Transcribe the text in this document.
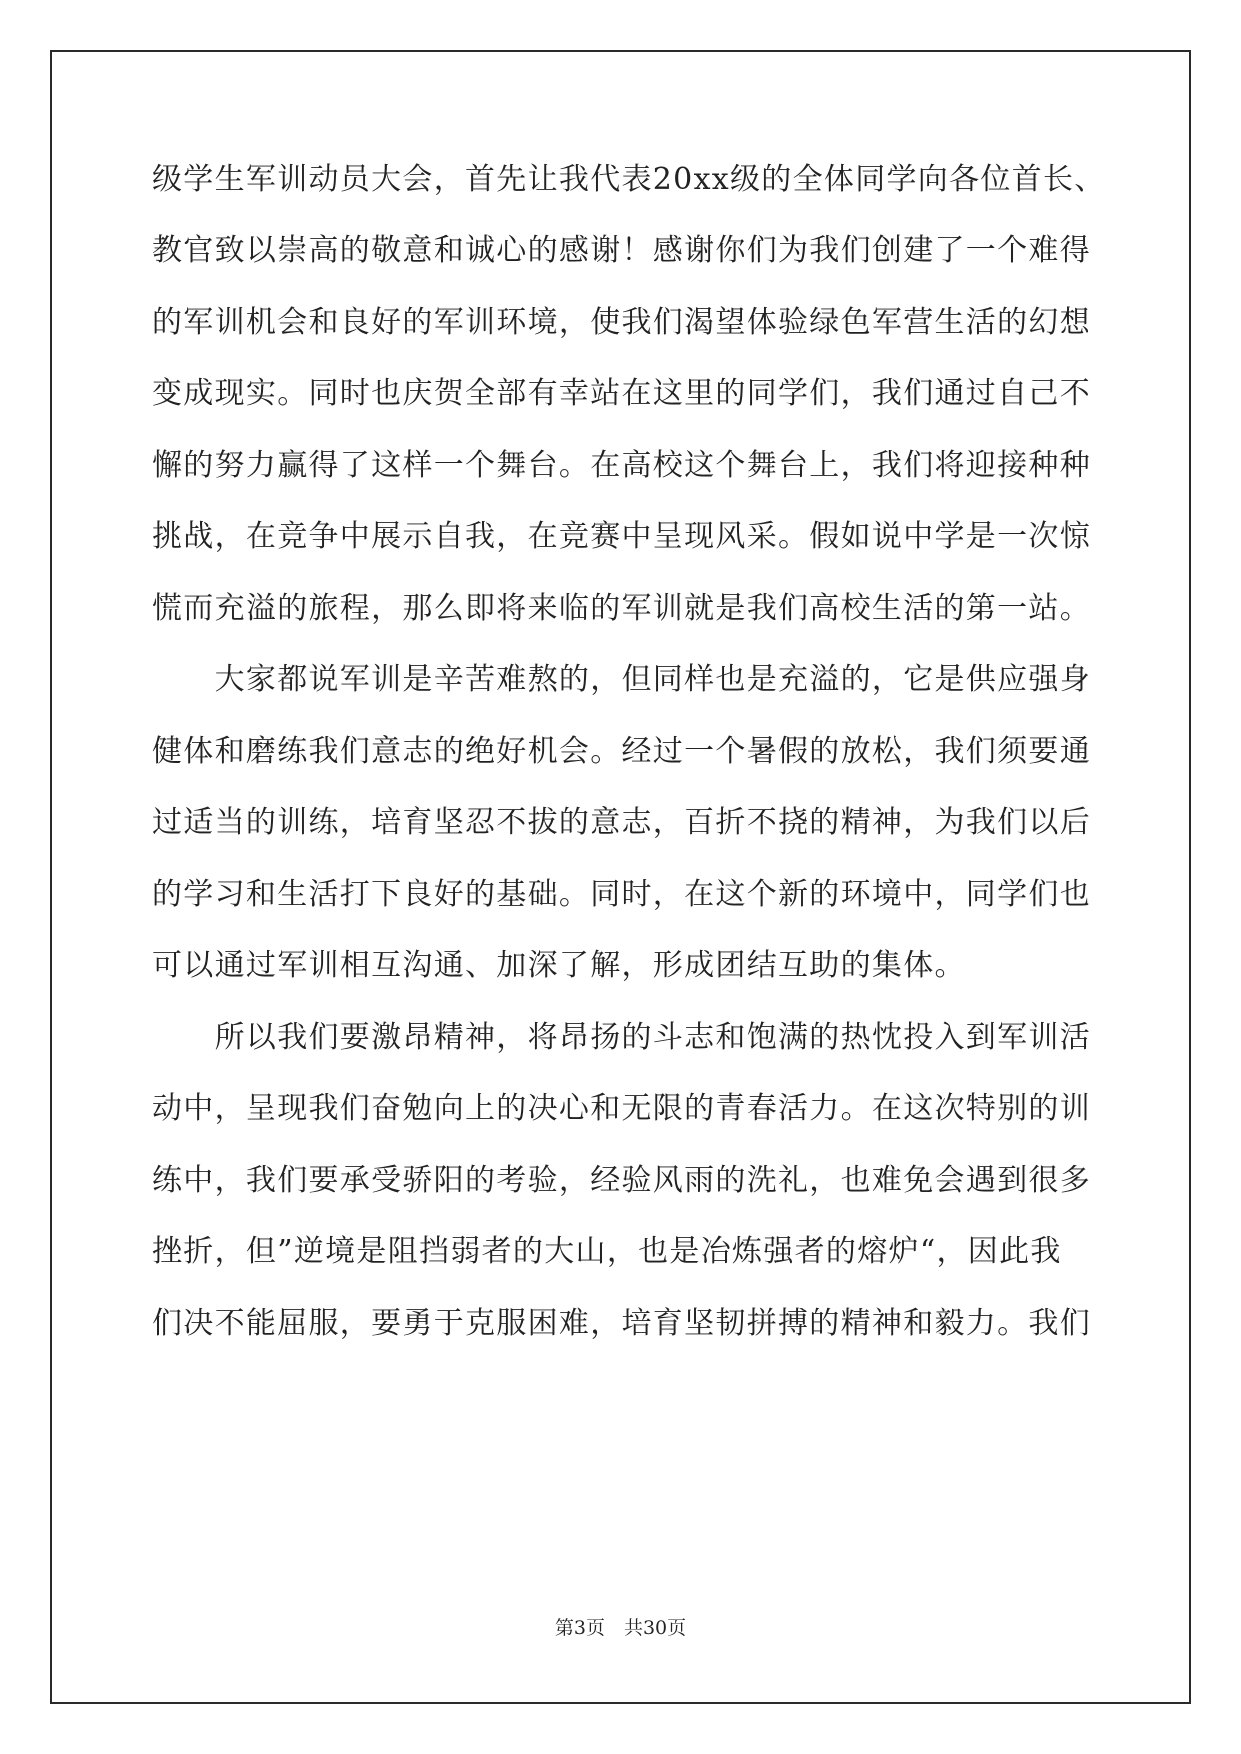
级学生军训动员大会，首先让我代表20xx级的全体同学向各位首长、
教官致以崇高的敬意和诚心的感谢！感谢你们为我们创建了一个难得
的军训机会和良好的军训环境，使我们渴望体验绿色军营生活的幻想
变成现实。同时也庆贺全部有幸站在这里的同学们，我们通过自己不
懈的努力赢得了这样一个舞台。在高校这个舞台上，我们将迎接种种
挑战，在竞争中展示自我，在竞赛中呈现风采。假如说中学是一次惊
慌而充溢的旅程，那么即将来临的军训就是我们高校生活的第一站。
　　大家都说军训是辛苦难熬的，但同样也是充溢的，它是供应强身
健体和磨练我们意志的绝好机会。经过一个暑假的放松，我们须要通
过适当的训练，培育坚忍不拔的意志，百折不挠的精神，为我们以后
的学习和生活打下良好的基础。同时，在这个新的环境中，同学们也
可以通过军训相互沟通、加深了解，形成团结互助的集体。
　　所以我们要激昂精神，将昂扬的斗志和饱满的热忱投入到军训活
动中，呈现我们奋勉向上的决心和无限的青春活力。在这次特别的训
练中，我们要承受骄阳的考验，经验风雨的洗礼，也难免会遇到很多
挫折，但”逆境是阻挡弱者的大山，也是冶炼强者的熔炉“，因此我
们决不能屈服，要勇于克服困难，培育坚韧拼搏的精神和毅力。我们
第3页　共30页
